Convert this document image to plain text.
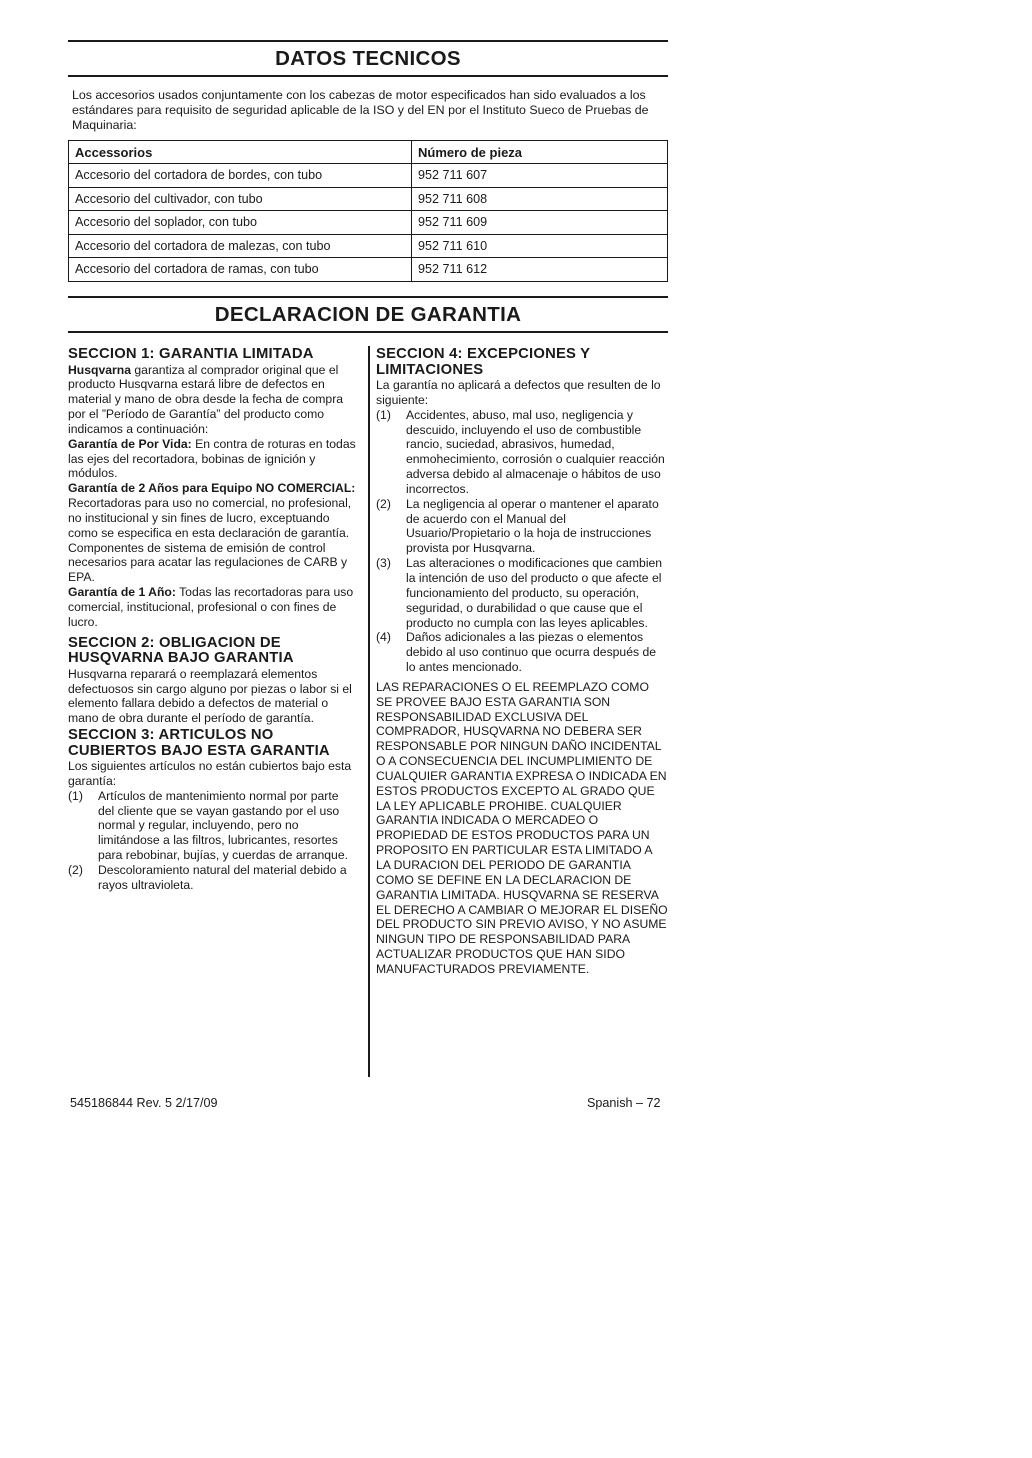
DATOS TECNICOS

Los accesorios usados conjuntamente con los cabezas de motor especificados han sido evaluados a los estándares para requisito de seguridad aplicable de la ISO y del EN por el Instituto Sueco de Pruebas de Maquinaria:

Accessorios	Número de pieza
Accesorio del cortadora de bordes, con tubo	952 711 607
Accesorio del cultivador, con tubo	952 711 608
Accesorio del soplador, con tubo	952 711 609
Accesorio del cortadora de malezas, con tubo	952 711 610
Accesorio del cortadora de ramas, con tubo	952 711 612
DECLARACION DE GARANTIA
SECCION 1: GARANTIA LIMITADA

Husqvarna garantiza al comprador original que el producto Husqvarna estará libre de defectos en material y mano de obra desde la fecha de compra por el ”Período de Garantía” del producto como indicamos a continuación:

Garantía de Por Vida: En contra de roturas en todas las ejes del recortadora, bobinas de ignición y módulos.

Garantía de 2 Años para Equipo NO COMERCIAL: Recortadoras para uso no comercial, no profesional, no institucional y sin fines de lucro, exceptuando como se especifica en esta declaración de garantía.

Componentes de sistema de emisión de control necesarios para acatar las regulaciones de CARB y EPA.

Garantía de 1 Año: Todas las recortadoras para uso comercial, institucional, profesional o con fines de lucro.

SECCION 2: OBLIGACION DE HUSQVARNA BAJO GARANTIA

Husqvarna reparará o reemplazará elementos defectuosos sin cargo alguno por piezas o labor si el elemento fallara debido a defectos de material o mano de obra durante el período de garantía.

SECCION 3: ARTICULOS NO CUBIERTOS BAJO ESTA GARANTIA

Los siguientes artículos no están cubiertos bajo esta garantía:

(1) Artículos de mantenimiento normal por parte del cliente que se vayan gastando por el uso normal y regular, incluyendo, pero no limitándose a las filtros, lubricantes, resortes para rebobinar, bujías, y cuerdas de arranque.
(2) Descoloramiento natural del material debido a rayos ultravioleta.
SECCION 4: EXCEPCIONES Y LIMITACIONES

La garantía no aplicará a defectos que resulten de lo siguiente:

(1) Accidentes, abuso, mal uso, negligencia y descuido, incluyendo el uso de combustible rancio, suciedad, abrasivos, humedad, enmohecimiento, corrosión o cualquier reacción adversa debido al almacenaje o hábitos de uso incorrectos.
(2) La negligencia al operar o mantener el aparato de acuerdo con el Manual del Usuario/Propietario o la hoja de instrucciones provista por Husqvarna.
(3) Las alteraciones o modificaciones que cambien la intención de uso del producto o que afecte el funcionamiento del producto, su operación, seguridad, o durabilidad o que cause que el producto no cumpla con las leyes aplicables.
(4) Daños adicionales a las piezas o elementos debido al uso continuo que ocurra después de lo antes mencionado.

LAS REPARACIONES O EL REEMPLAZO COMO SE PROVEE BAJO ESTA GARANTIA SON RESPONSABILIDAD EXCLUSIVA DEL COMPRADOR, HUSQVARNA NO DEBERA SER RESPONSABLE POR NINGUN DAÑO INCIDENTAL O A CONSECUENCIA DEL INCUMPLIMIENTO DE CUALQUIER GARANTIA EXPRESA O INDICADA EN ESTOS PRODUCTOS EXCEPTO AL GRADO QUE LA LEY APLICABLE PROHIBE. CUALQUIER GARANTIA INDICADA O MERCADEO O PROPIEDAD DE ESTOS PRODUCTOS PARA UN PROPOSITO EN PARTICULAR ESTA LIMITADO A LA DURACION DEL PERIODO DE GARANTIA COMO SE DEFINE EN LA DECLARACION DE GARANTIA LIMITADA. HUSQVARNA SE RESERVA EL DERECHO A CAMBIAR O MEJORAR EL DISEÑO DEL PRODUCTO SIN PREVIO AVISO, Y NO ASUME NINGUN TIPO DE RESPONSABILIDAD PARA ACTUALIZAR PRODUCTOS QUE HAN SIDO MANUFACTURADOS PREVIAMENTE.

545186844 Rev. 5 2/17/09	Spanish – 72
